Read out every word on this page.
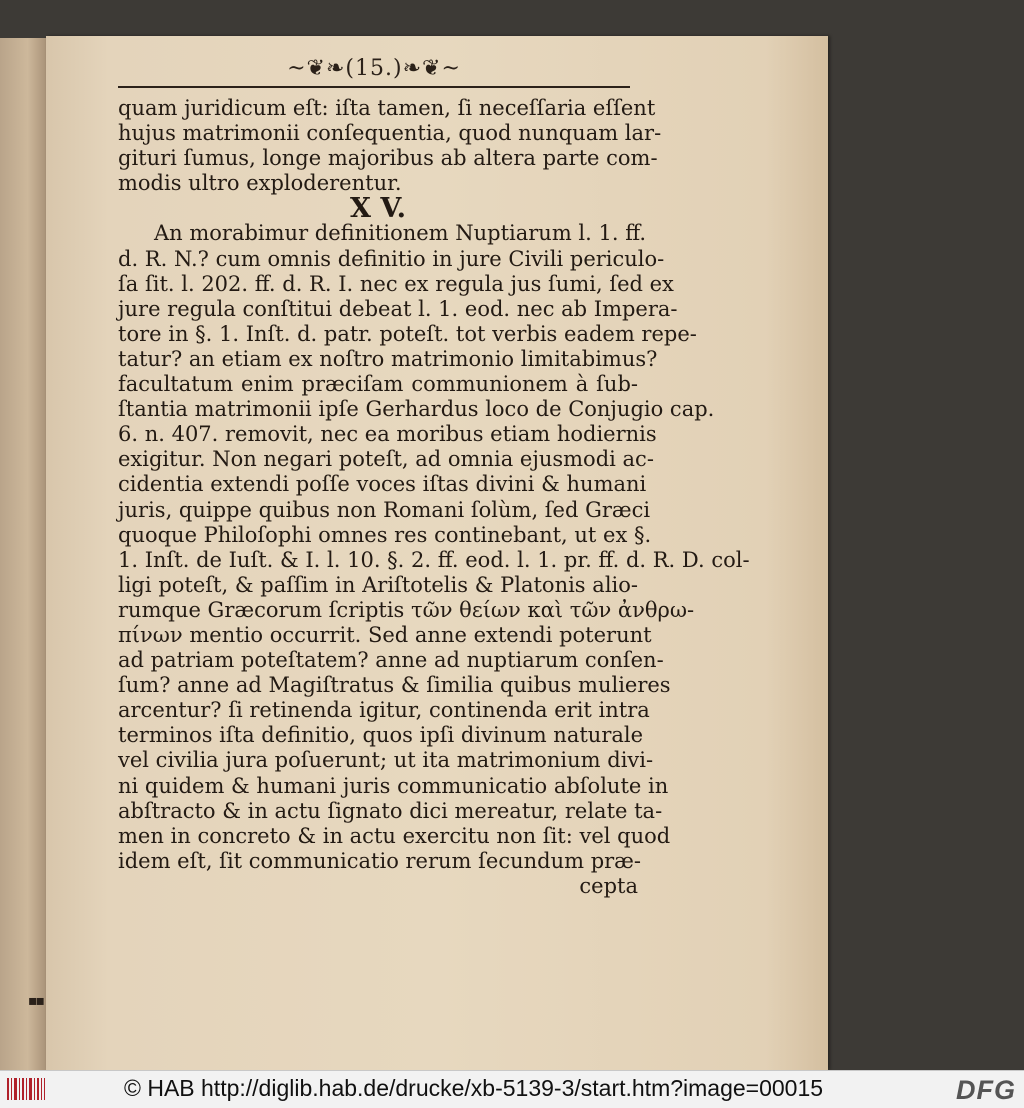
▪▪
~❦❧(15.)❧❦~
quam juridicum eſt: iſta tamen, ſi neceſſaria eſſent
hujus matrimonii conſequentia, quod nunquam lar-
gituri ſumus, longe majoribus ab altera parte com-
modis ultro exploderentur.
X V.
An morabimur definitionem Nuptiarum l. 1. ff.
d. R. N.? cum omnis definitio in jure Civili periculo-
ſa ſit. l. 202. ff. d. R. I. nec ex regula jus ſumi, ſed ex
jure regula conſtitui debeat l. 1. eod. nec ab Impera-
tore in §. 1. Inſt. d. patr. poteſt. tot verbis eadem repe-
tatur? an etiam ex noſtro matrimonio limitabimus?
facultatum enim præciſam communionem à ſub-
ſtantia matrimonii ipſe Gerhardus loco de Conjugio cap.
6. n. 407. removit, nec ea moribus etiam hodiernis
exigitur. Non negari poteſt, ad omnia ejusmodi ac-
cidentia extendi poſſe voces iſtas divini & humani
juris, quippe quibus non Romani ſolùm, ſed Græci
quoque Philoſophi omnes res continebant, ut ex §.
1. Inſt. de Iuſt. & I. l. 10. §. 2. ff. eod. l. 1. pr. ff. d. R. D. col-
ligi poteſt, & paſſim in Ariſtotelis & Platonis alio-
rumque Græcorum ſcriptis τῶν θείων καὶ τῶν ἀνθρω-
πίνων mentio occurrit. Sed anne extendi poterunt
ad patriam poteſtatem? anne ad nuptiarum conſen-
ſum? anne ad Magiſtratus & ſimilia quibus mulieres
arcentur? ſi retinenda igitur, continenda erit intra
terminos iſta definitio, quos ipſi divinum naturale
vel civilia jura poſuerunt; ut ita matrimonium divi-
ni quidem & humani juris communicatio abſolute in
abſtracto & in actu ſignato dici mereatur, relate ta-
men in concreto & in actu exercitu non ſit: vel quod
idem eſt, ſit communicatio rerum ſecundum præ-
cepta
© HAB http://diglib.hab.de/drucke/xb-5139-3/start.htm?image=00015	DFG
